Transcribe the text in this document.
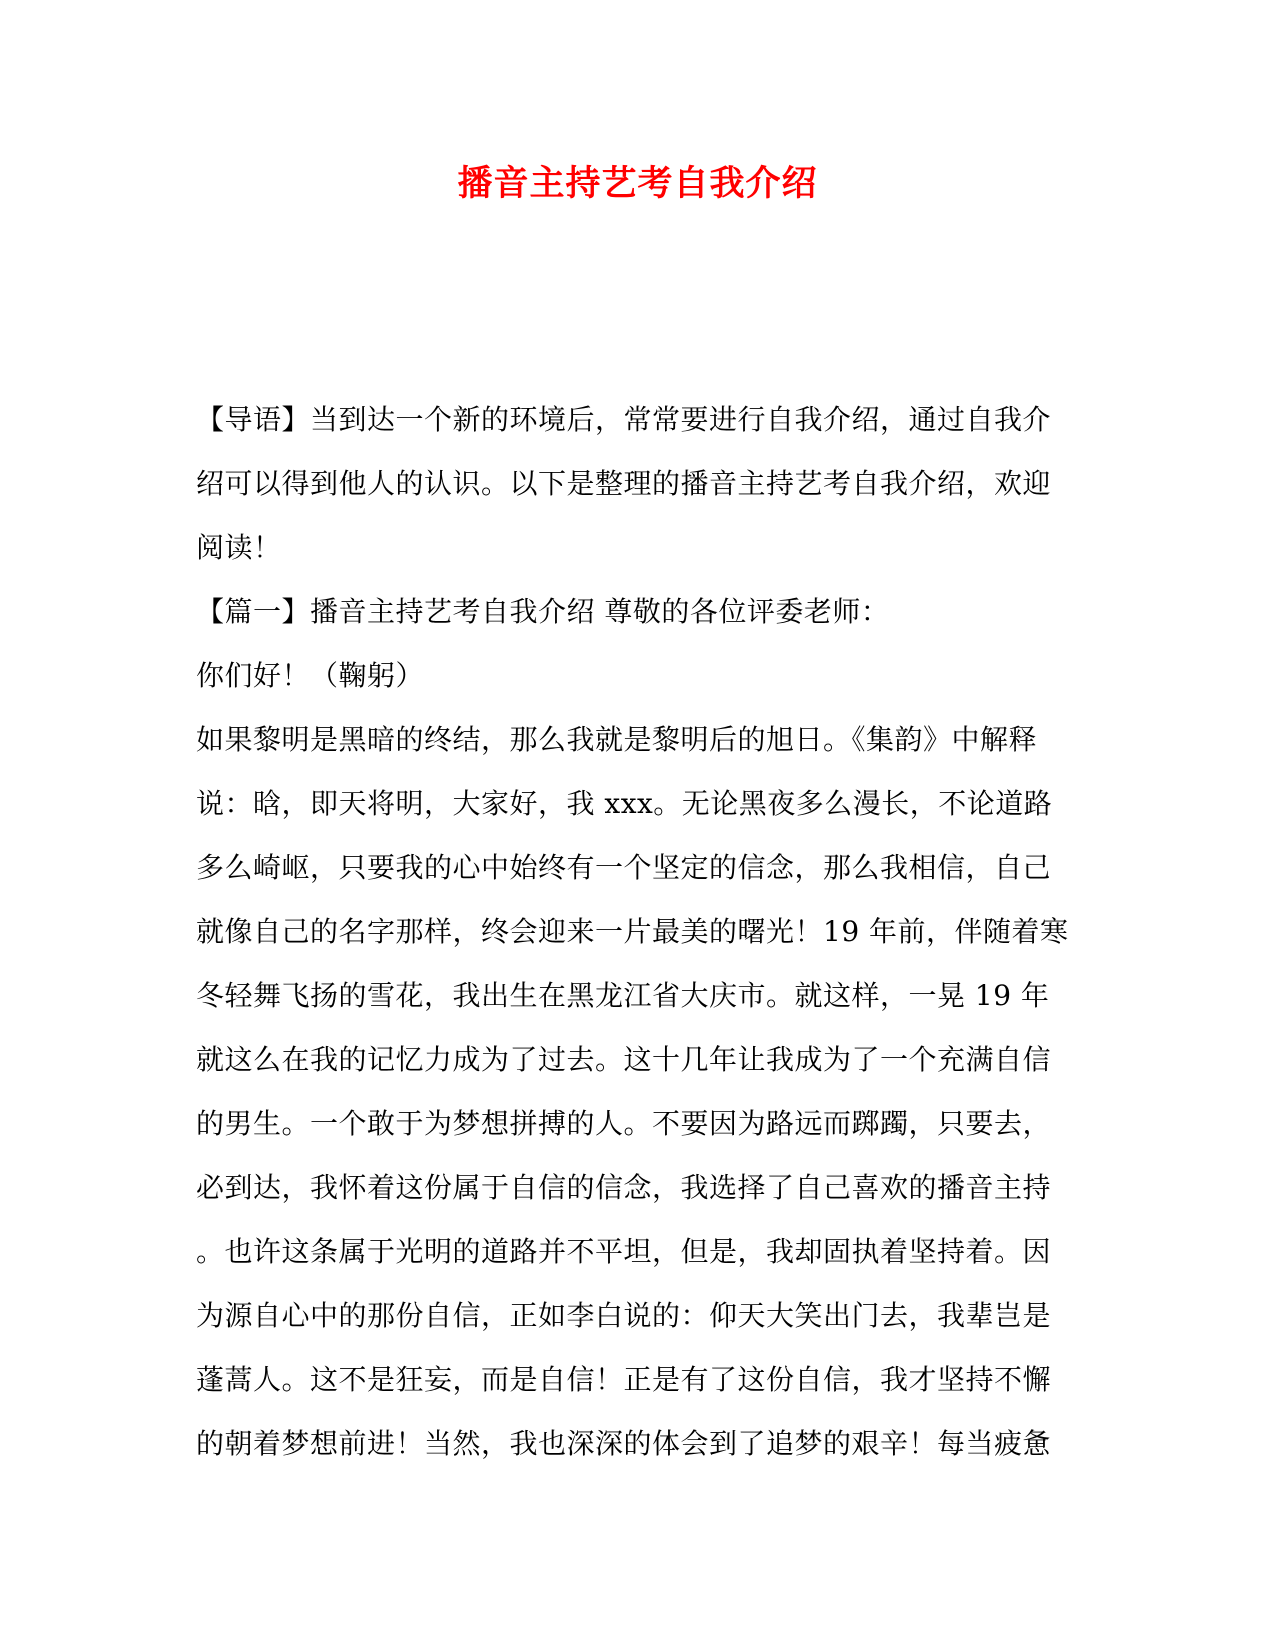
播音主持艺考自我介绍
【导语】当到达一个新的环境后，常常要进行自我介绍，通过自我介
绍可以得到他人的认识。以下是整理的播音主持艺考自我介绍，欢迎
阅读！
【篇一】播音主持艺考自我介绍 尊敬的各位评委老师：
你们好！（鞠躬）
如果黎明是黑暗的终结，那么我就是黎明后的旭日。《集韵》中解释
说：晗，即天将明，大家好，我 xxx。无论黑夜多么漫长，不论道路
多么崎岖，只要我的心中始终有一个坚定的信念，那么我相信，自己
就像自己的名字那样，终会迎来一片最美的曙光！19 年前，伴随着寒
冬轻舞飞扬的雪花，我出生在黑龙江省大庆市。就这样，一晃 19 年
就这么在我的记忆力成为了过去。这十几年让我成为了一个充满自信
的男生。一个敢于为梦想拼搏的人。不要因为路远而踯躅，只要去，
必到达，我怀着这份属于自信的信念，我选择了自己喜欢的播音主持
。也许这条属于光明的道路并不平坦，但是，我却固执着坚持着。因
为源自心中的那份自信，正如李白说的：仰天大笑出门去，我辈岂是
蓬蒿人。这不是狂妄，而是自信！正是有了这份自信，我才坚持不懈
的朝着梦想前进！当然，我也深深的体会到了追梦的艰辛！每当疲惫
